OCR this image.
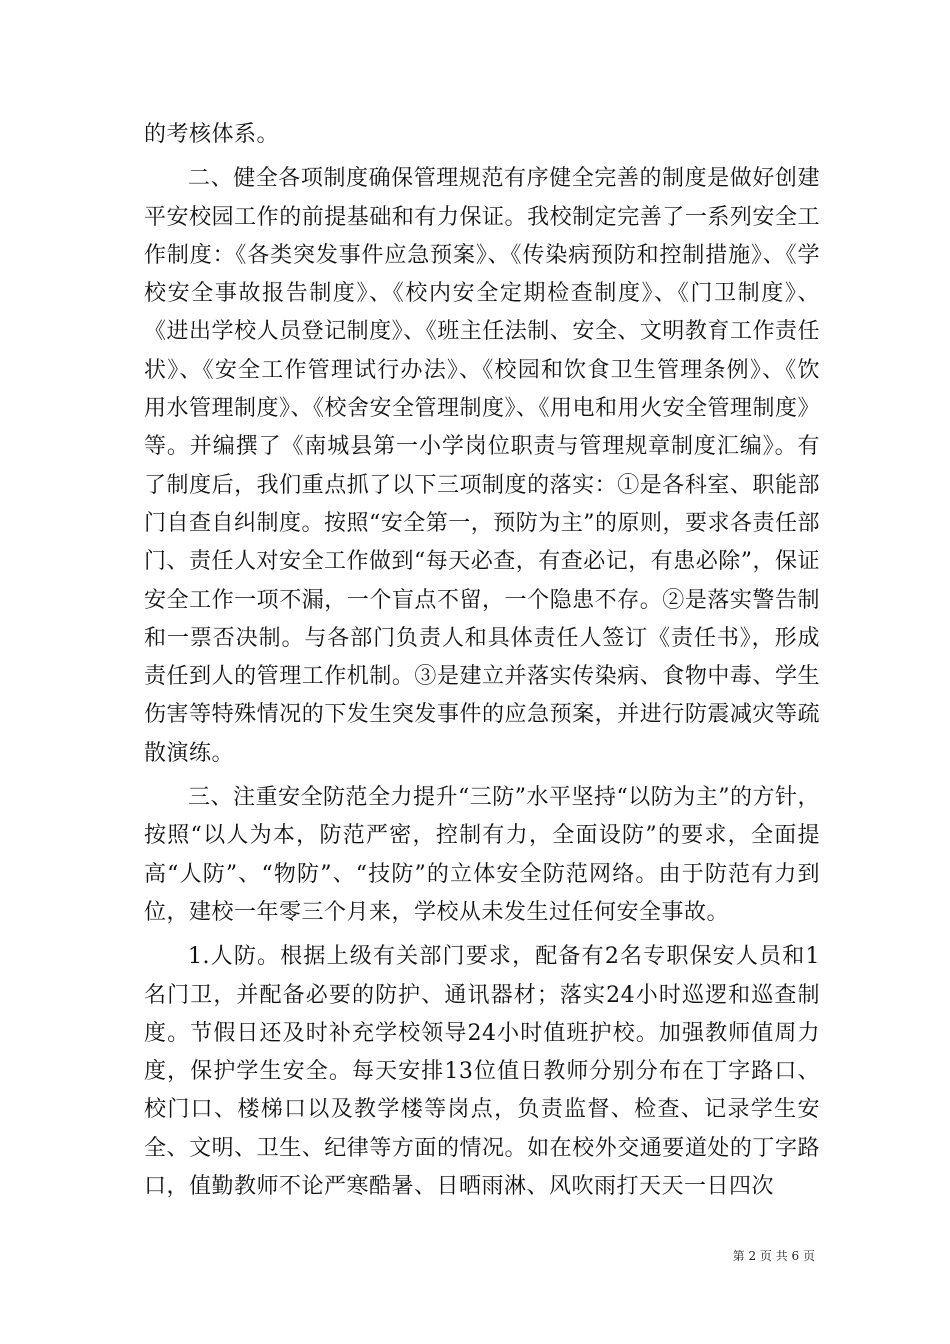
的考核体系。

二、健全各项制度确保管理规范有序健全完善的制度是做好创建平安校园工作的前提基础和有力保证。我校制定完善了一系列安全工作制度：《各类突发事件应急预案》、《传染病预防和控制措施》、《学校安全事故报告制度》、《校内安全定期检查制度》、《门卫制度》、《进出学校人员登记制度》、《班主任法制、安全、文明教育工作责任状》、《安全工作管理试行办法》、《校园和饮食卫生管理条例》、《饮用水管理制度》、《校舍安全管理制度》、《用电和用火安全管理制度》等。并编撰了《南城县第一小学岗位职责与管理规章制度汇编》。有了制度后，我们重点抓了以下三项制度的落实：①是各科室、职能部门自查自纠制度。按照“安全第一，预防为主”的原则，要求各责任部门、责任人对安全工作做到“每天必查，有查必记，有患必除”，保证安全工作一项不漏，一个盲点不留，一个隐患不存。②是落实警告制和一票否决制。与各部门负责人和具体责任人签订《责任书》，形成责任到人的管理工作机制。③是建立并落实传染病、食物中毒、学生伤害等特殊情况的下发生突发事件的应急预案，并进行防震减灾等疏散演练。

三、注重安全防范全力提升“三防”水平坚持“以防为主”的方针，按照“以人为本，防范严密，控制有力，全面设防”的要求，全面提高“人防”、“物防”、“技防”的立体安全防范网络。由于防范有力到位，建校一年零三个月来，学校从未发生过任何安全事故。

1.人防。根据上级有关部门要求，配备有2名专职保安人员和1名门卫，并配备必要的防护、通讯器材；落实24小时巡逻和巡查制度。节假日还及时补充学校领导24小时值班护校。加强教师值周力度，保护学生安全。每天安排13位值日教师分别分布在丁字路口、校门口、楼梯口以及教学楼等岗点，负责监督、检查、记录学生安全、文明、卫生、纪律等方面的情况。如在校外交通要道处的丁字路口，值勤教师不论严寒酷暑、日晒雨淋、风吹雨打天天一日四次

第 2 页 共 6 页
